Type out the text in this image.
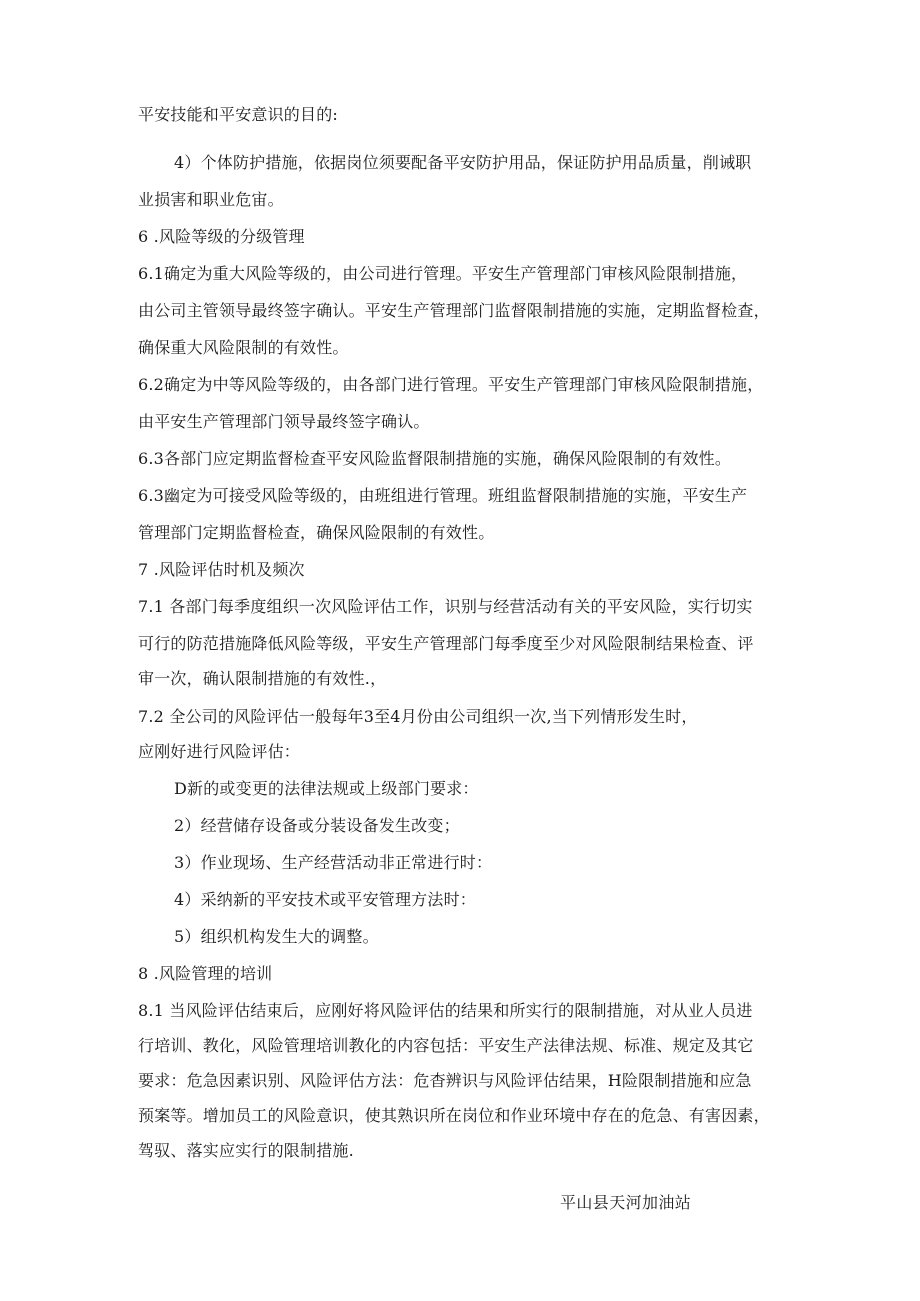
平安技能和平安意识的目的:
4）个体防护措施，依据岗位须要配备平安防护用品，保证防护用品质量，削诫职
业损害和职业危宙。
6 .风险等级的分级管理
6.1确定为重大风险等级的，由公司进行管理。平安生产管理部门审核风险限制措施，
由公司主管领导最终签字确认。平安生产管理部门监督限制措施的实施，定期监督检查，
确保重大风险限制的有效性。
6.2确定为中等风险等级的，由各部门进行管理。平安生产管理部门审核风险限制措施，
由平安生产管理部门领导最终签字确认。
6.3各部门应定期监督检查平安风险监督限制措施的实施，确保风险限制的有效性。
6.3幽定为可接受风险等级的，由班组进行管理。班组监督限制措施的实施，平安生产
管理部门定期监督检查，确保风险限制的有效性。
7 .风险评估时机及频次
7.1 各部门每季度组织一次风险评估工作，识别与经营活动有关的平安风险，实行切实
可行的防范措施降低风险等级，平安生产管理部门每季度至少对风险限制结果检查、评
审一次，确认限制措施的有效性.，
7.2 全公司的风险评估一般每年3至4月份由公司组织一次,当下列情形发生时，
应刚好进行风险评估：
D新的或变更的法律法规或上级部门要求：
2）经营储存设备或分装设备发生改变；
3）作业现场、生产经营活动非正常进行时：
4）采纳新的平安技术或平安管理方法时：
5）组织机构发生大的调整。
8 .风险管理的培训
8.1 当风险评估结束后，应刚好将风险评估的结果和所实行的限制措施，对从业人员进
行培训、教化，风险管理培训教化的内容包括：平安生产法律法规、标准、规定及其它
要求：危急因素识别、风险评估方法：危杳辨识与风险评估结果，H险限制措施和应急
预案等。增加员工的风险意识，使其熟识所在岗位和作业环境中存在的危急、有害因素，
驾驭、落实应实行的限制措施.
平山县天河加油站
